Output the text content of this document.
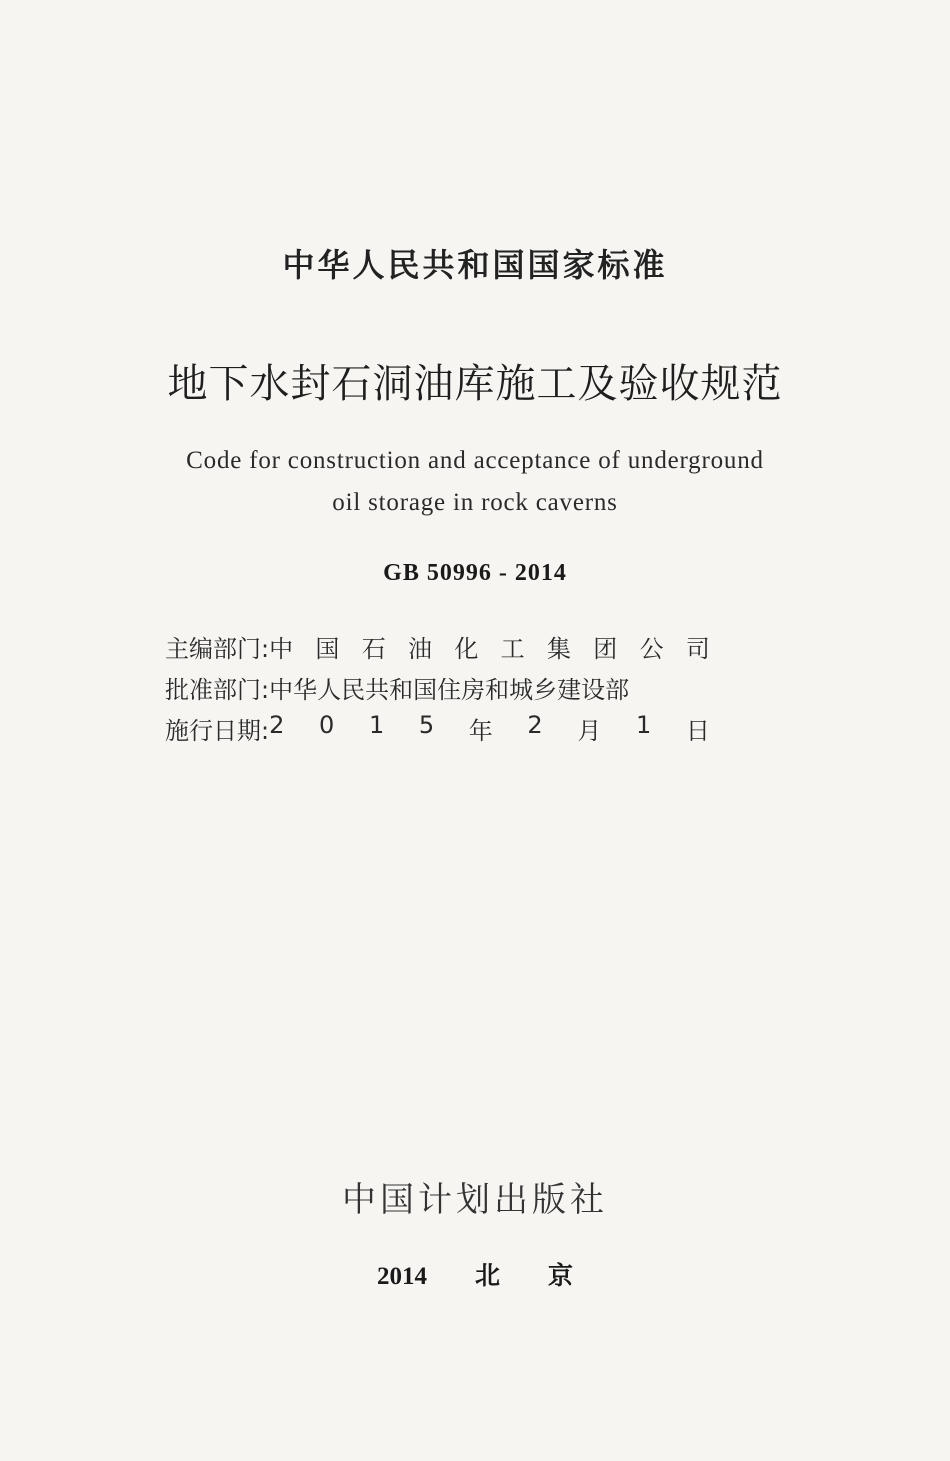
中华人民共和国国家标准
地下水封石洞油库施工及验收规范
Code for construction and acceptance of underground
oil storage in rock caverns
GB 50996 - 2014
主编部门: 中 国 石 油 化 工 集 团 公 司
批准部门: 中华人民共和国住房和城乡建设部
施行日期: 2 0 1 5 年 2 月 1 日
中国计划出版社
2014 北 京
